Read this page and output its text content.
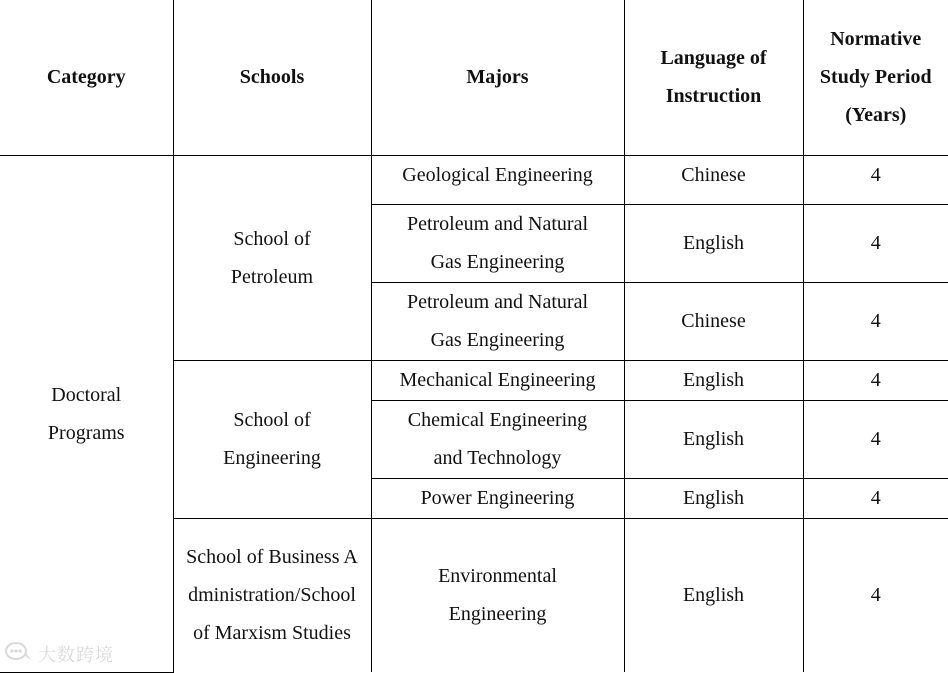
Category	Schools	Majors	Language of Instruction	Normative Study Period (Years)
Doctoral Programs	School of Petroleum	Geological Engineering	Chinese	4
		Petroleum and Natural Gas Engineering	English	4
		Petroleum and Natural Gas Engineering	Chinese	4
	School of Engineering	Mechanical Engineering	English	4
		Chemical Engineering and Technology	English	4
		Power Engineering	English	4
	School of Business Administration/School of Marxism Studies	Environmental Engineering	English	4
大数跨境
